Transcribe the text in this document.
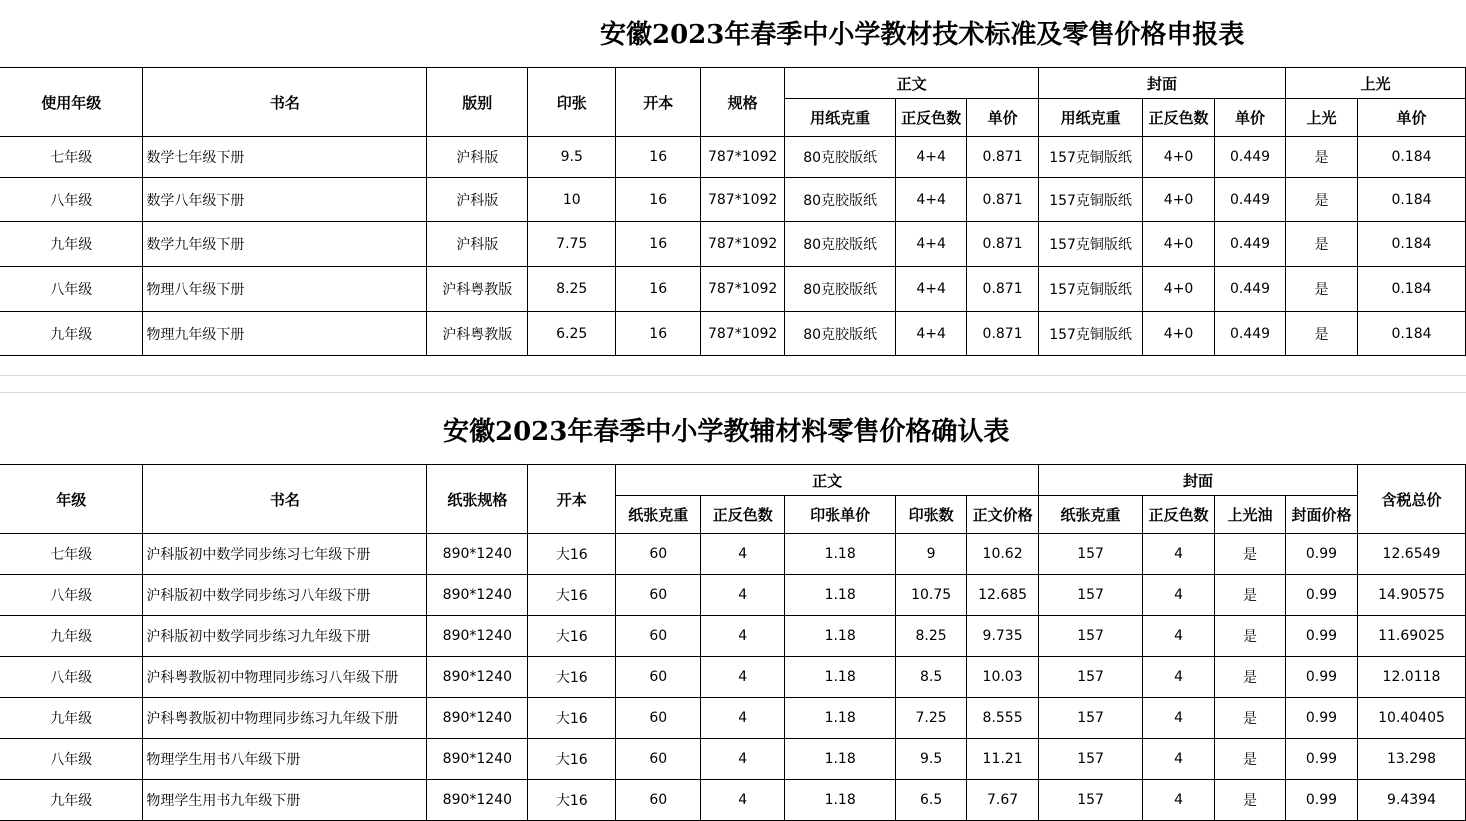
安徽2023年春季中小学教材技术标准及零售价格申报表
使用年级	书名	版别	印张	开本	规格	正文			封面			上光	
						用纸克重	正反色数	单价	用纸克重	正反色数	单价	上光	单价
七年级	数学七年级下册	沪科版	9.5	16	787*1092	80克胶版纸	4+4	0.871	157克铜版纸	4+0	0.449	是	0.184
八年级	数学八年级下册	沪科版	10	16	787*1092	80克胶版纸	4+4	0.871	157克铜版纸	4+0	0.449	是	0.184
九年级	数学九年级下册	沪科版	7.75	16	787*1092	80克胶版纸	4+4	0.871	157克铜版纸	4+0	0.449	是	0.184
八年级	物理八年级下册	沪科粤教版	8.25	16	787*1092	80克胶版纸	4+4	0.871	157克铜版纸	4+0	0.449	是	0.184
九年级	物理九年级下册	沪科粤教版	6.25	16	787*1092	80克胶版纸	4+4	0.871	157克铜版纸	4+0	0.449	是	0.184
安徽2023年春季中小学教辅材料零售价格确认表
年级	书名	纸张规格	开本	正文					封面				含税总价
				纸张克重	正反色数	印张单价	印张数	正文价格	纸张克重	正反色数	上光油	封面价格	
七年级	沪科版初中数学同步练习七年级下册	890*1240	大16	60	4	1.18	9	10.62	157	4	是	0.99	12.6549
八年级	沪科版初中数学同步练习八年级下册	890*1240	大16	60	4	1.18	10.75	12.685	157	4	是	0.99	14.90575
九年级	沪科版初中数学同步练习九年级下册	890*1240	大16	60	4	1.18	8.25	9.735	157	4	是	0.99	11.69025
八年级	沪科粤教版初中物理同步练习八年级下册	890*1240	大16	60	4	1.18	8.5	10.03	157	4	是	0.99	12.0118
九年级	沪科粤教版初中物理同步练习九年级下册	890*1240	大16	60	4	1.18	7.25	8.555	157	4	是	0.99	10.40405
八年级	物理学生用书八年级下册	890*1240	大16	60	4	1.18	9.5	11.21	157	4	是	0.99	13.298
九年级	物理学生用书九年级下册	890*1240	大16	60	4	1.18	6.5	7.67	157	4	是	0.99	9.4394
